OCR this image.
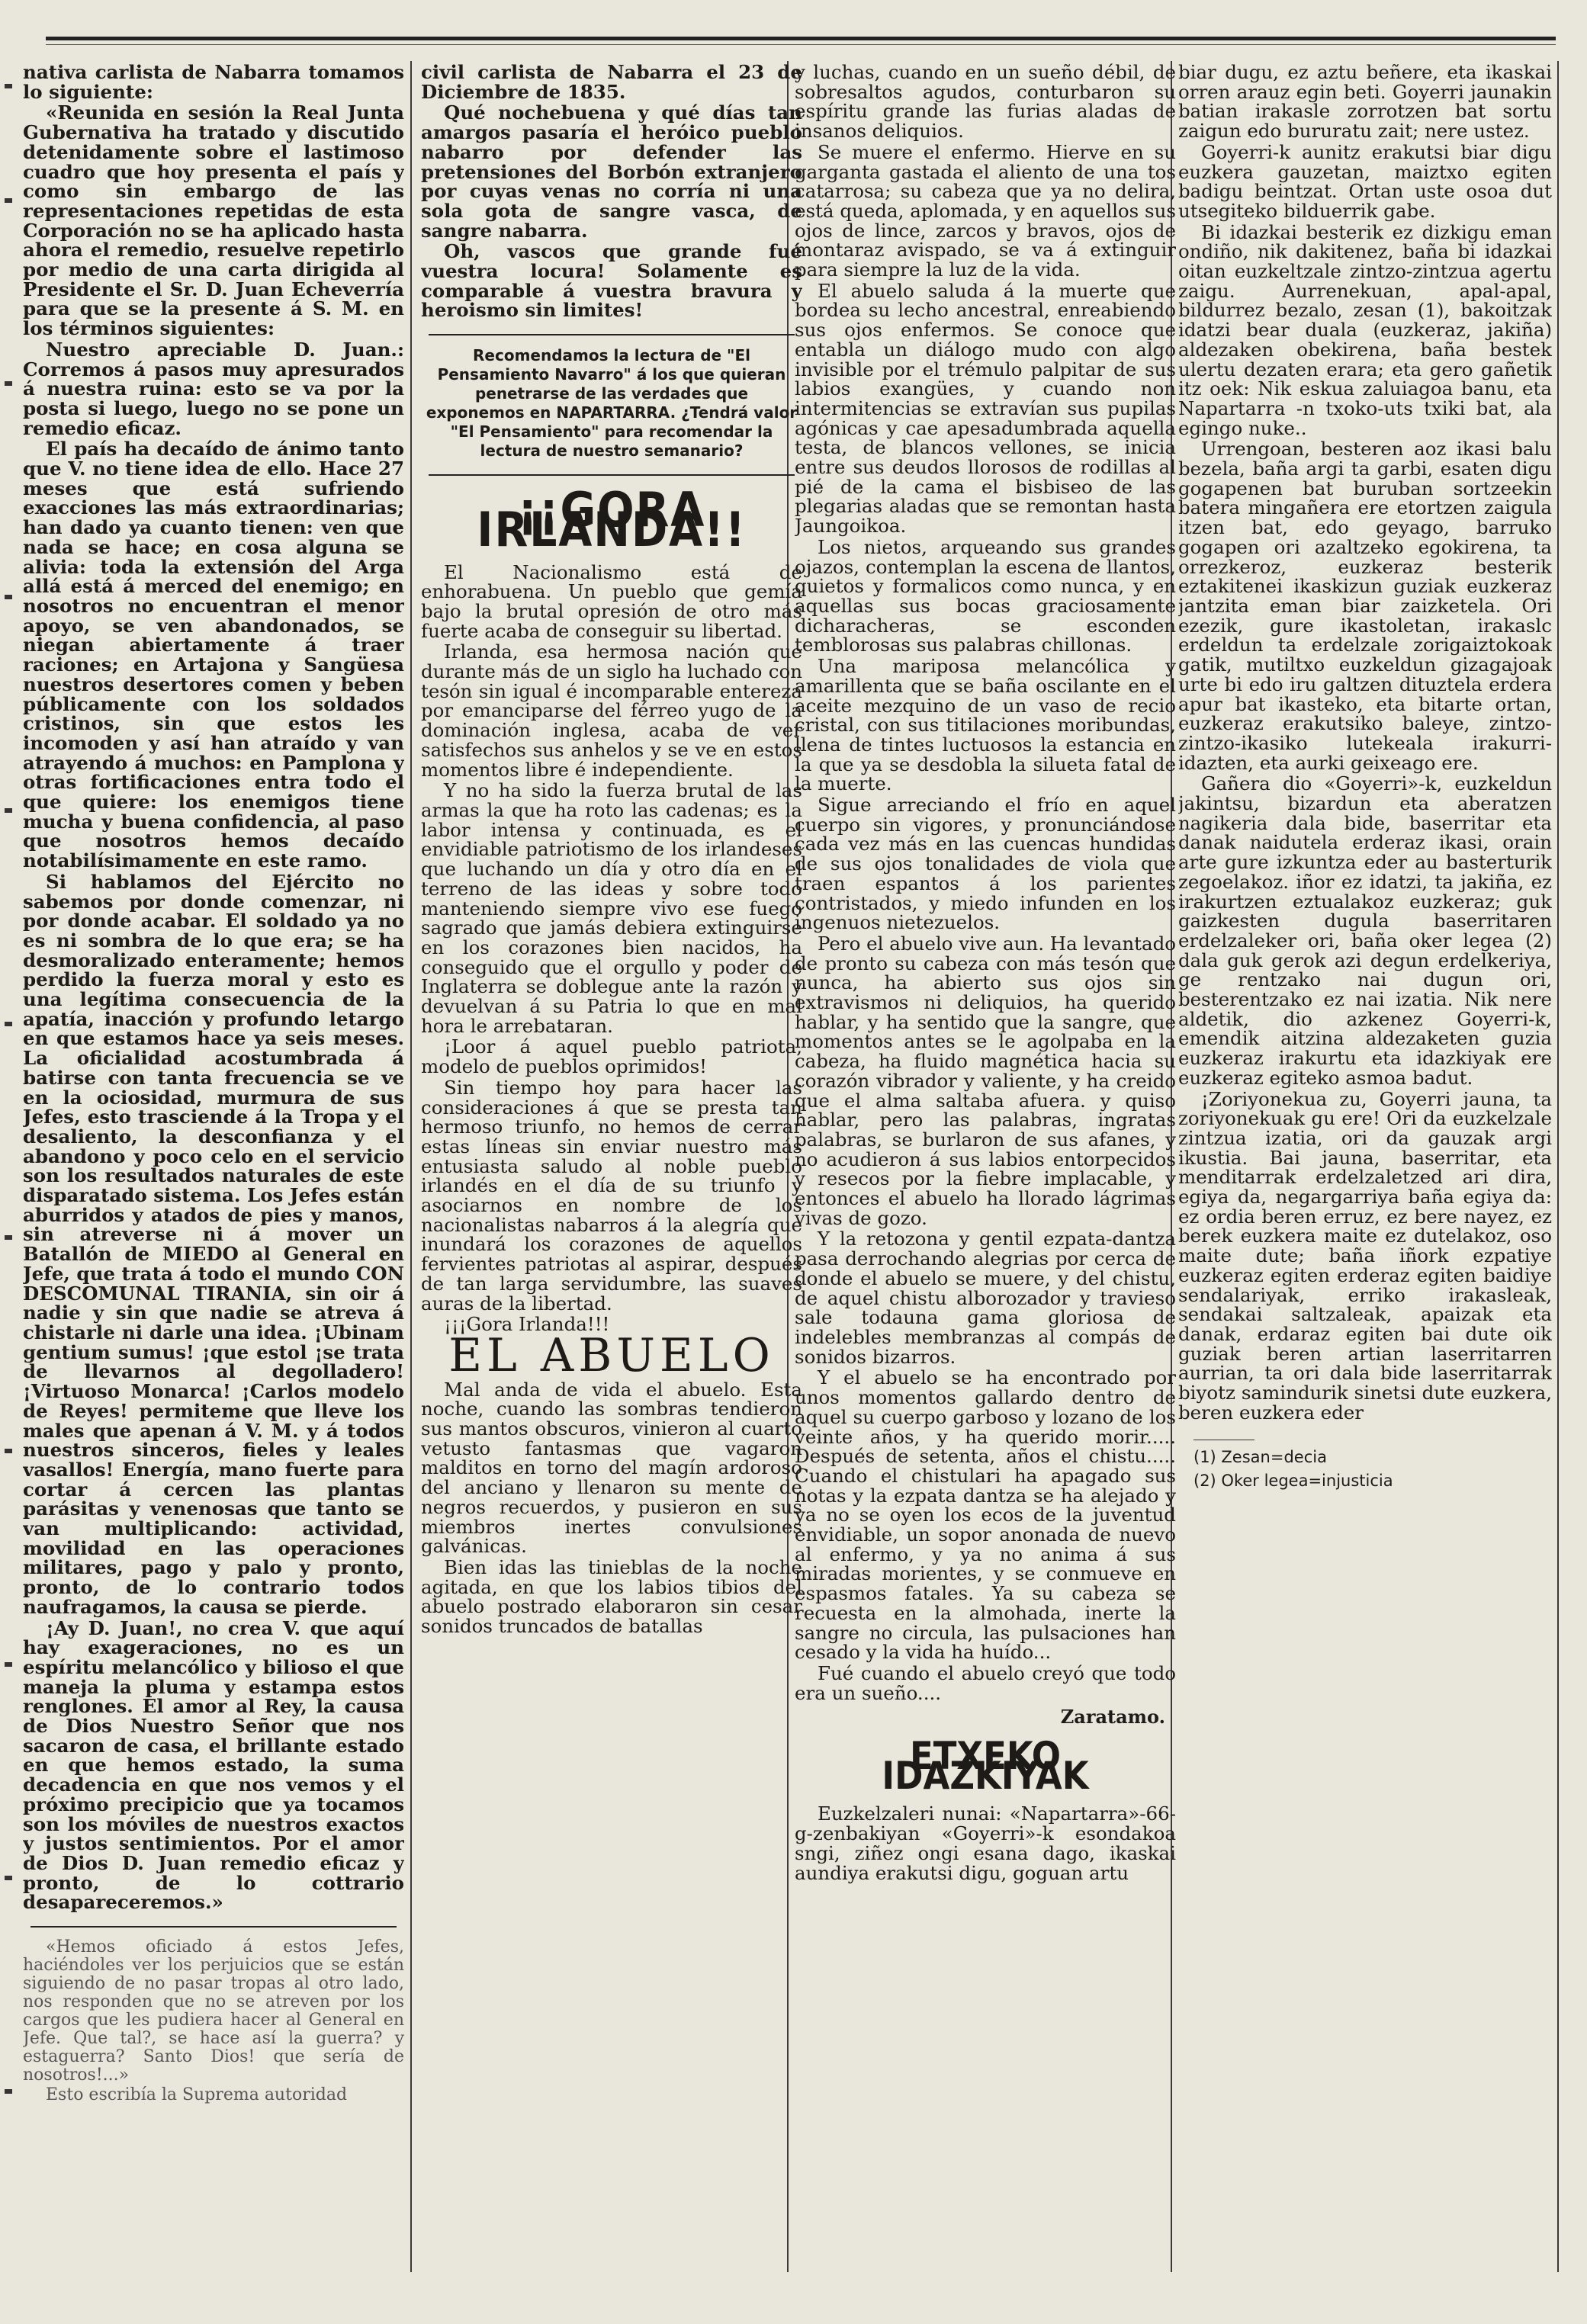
nativa carlista de Nabarra tomamos lo siguiente:

«Reunida en sesión la Real Junta Gubernativa ha tratado y discutido detenidamente sobre el lastimoso cuadro que hoy presenta el país y como sin embargo de las representaciones repetidas de esta Corporación no se ha aplicado hasta ahora el remedio, resuelve repetirlo por medio de una carta dirigida al Presidente el Sr. D. Juan Echeverría para que se la presente á S. M. en los términos siguientes:

Nuestro apreciable D. Juan.: Corremos á pasos muy apresurados á nuestra ruina: esto se va por la posta si luego, luego no se pone un remedio eficaz.

El país ha decaído de ánimo tanto que V. no tiene idea de ello. Hace 27 meses que está sufriendo exacciones las más extraordinarias; han dado ya cuanto tienen: ven que nada se hace; en cosa alguna se alivia: toda la extensión del Arga allá está á merced del enemigo; en nosotros no encuentran el menor apoyo, se ven abandonados, se niegan abiertamente á traer raciones; en Artajona y Sangüesa nuestros desertores comen y beben públicamente con los soldados cristinos, sin que estos les incomoden y así han atraído y van atrayendo á muchos: en Pamplona y otras fortificaciones entra todo el que quiere: los enemigos tiene mucha y buena confidencia, al paso que nosotros hemos decaído notabilísimamente en este ramo.

Si hablamos del Ejército no sabemos por donde comenzar, ni por donde acabar. El soldado ya no es ni sombra de lo que era; se ha desmoralizado enteramente; hemos perdido la fuerza moral y esto es una legítima consecuencia de la apatía, inacción y profundo letargo en que estamos hace ya seis meses. La oficialidad acostumbrada á batirse con tanta frecuencia se ve en la ociosidad, murmura de sus Jefes, esto trasciende á la Tropa y el desaliento, la desconfianza y el abandono y poco celo en el servicio son los resultados naturales de este disparatado sistema. Los Jefes están aburridos y atados de pies y manos, sin atreverse ni á mover un Batallón de MIEDO al General en Jefe, que trata á todo el mundo CON DESCOMUNAL TIRANIA, sin oir á nadie y sin que nadie se atreva á chistarle ni darle una idea. ¡Ubinam gentium sumus! ¡que estol ¡se trata de llevarnos al degolladero! ¡Virtuoso Monarca! ¡Carlos modelo de Reyes! permiteme que lleve los males que apenan á V. M. y á todos nuestros sinceros, fieles y leales vasallos! Energía, mano fuerte para cortar á cercen las plantas parásitas y venenosas que tanto se van multiplicando: actividad, movilidad en las operaciones militares, pago y palo y pronto, pronto, de lo contrario todos naufragamos, la causa se pierde.

¡Ay D. Juan!, no crea V. que aquí hay exageraciones, no es un espíritu melancólico y bilioso el que maneja la pluma y estampa estos renglones. El amor al Rey, la causa de Dios Nuestro Señor que nos sacaron de casa, el brillante estado en que hemos estado, la suma decadencia en que nos vemos y el próximo precipicio que ya tocamos son los móviles de nuestros exactos y justos sentimientos. Por el amor de Dios D. Juan remedio eficaz y pronto, de lo cottrario desapareceremos.»

«Hemos oficiado á estos Jefes, haciéndoles ver los perjuicios que se están siguiendo de no pasar tropas al otro lado, nos responden que no se atreven por los cargos que les pudiera hacer al General en Jefe. Que tal?, se hace así la guerra? y estaguerra? Santo Dios! que sería de nosotros!...»

Esto escribía la Suprema autoridad

civil carlista de Nabarra el 23 de Diciembre de 1835.

Qué nochebuena y qué días tan amargos pasaría el heróico pueblo nabarro por defender las pretensiones del Borbón extranjero por cuyas venas no corría ni una sola gota de sangre vasca, de sangre nabarra.

Oh, vascos que grande fué vuestra locura! Solamente es comparable á vuestra bravura y heroismo sin limites!

Recomendamos la lectura de "El Pensamiento Navarro" á los que quieran penetrarse de las verdades que exponemos en NAPARTARRA. ¿Tendrá valor "El Pensamiento" para recomendar la lectura de nuestro semanario?
¡¡GORA IRLANDA!!

El Nacionalismo está de enhorabuena. Un pueblo que gemía bajo la brutal opresión de otro más fuerte acaba de conseguir su libertad.

Irlanda, esa hermosa nación que durante más de un siglo ha luchado con tesón sin igual é incomparable entereza por emanciparse del férreo yugo de la dominación inglesa, acaba de ver satisfechos sus anhelos y se ve en estos momentos libre é independiente.

Y no ha sido la fuerza brutal de las armas la que ha roto las cadenas; es la labor intensa y continuada, es el envidiable patriotismo de los irlandeses que luchando un día y otro día en el terreno de las ideas y sobre todo manteniendo siempre vivo ese fuego sagrado que jamás debiera extinguirse en los corazones bien nacidos, ha conseguido que el orgullo y poder de Inglaterra se doblegue ante la razón y devuelvan á su Patria lo que en mal hora le arrebataran.

¡Loor á aquel pueblo patriota, modelo de pueblos oprimidos!

Sin tiempo hoy para hacer las consideraciones á que se presta tan hermoso triunfo, no hemos de cerrar estas líneas sin enviar nuestro más entusiasta saludo al noble pueblo irlandés en el día de su triunfo y asociarnos en nombre de los nacionalistas nabarros á la alegría que inundará los corazones de aquellos fervientes patriotas al aspirar, después de tan larga servidumbre, las suaves auras de la libertad.

¡¡¡Gora Irlanda!!!

EL ABUELO

Mal anda de vida el abuelo. Esta noche, cuando las sombras tendieron sus mantos obscuros, vinieron al cuarto vetusto fantasmas que vagaron malditos en torno del magín ardoroso del anciano y llenaron su mente de negros recuerdos, y pusieron en sus miembros inertes convulsiones galvánicas.

Bien idas las tinieblas de la noche agitada, en que los labios tibios del abuelo postrado elaboraron sin cesar sonidos truncados de batallas

y luchas, cuando en un sueño débil, de sobresaltos agudos, conturbaron su espíritu grande las furias aladas de insanos deliquios.

Se muere el enfermo. Hierve en su garganta gastada el aliento de una tos catarrosa; su cabeza que ya no delira, está queda, aplomada, y en aquellos sus ojos de lince, zarcos y bravos, ojos de montaraz avispado, se va á extinguir para siempre la luz de la vida.

El abuelo saluda á la muerte que bordea su lecho ancestral, enreabiendo sus ojos enfermos. Se conoce que entabla un diálogo mudo con algo invisible por el trémulo palpitar de sus labios exangües, y cuando non intermitencias se extravían sus pupilas agónicas y cae apesadumbrada aquella testa, de blancos vellones, se inicia entre sus deudos llorosos de rodillas al pié de la cama el bisbiseo de las plegarias aladas que se remontan hasta Jaungoikoa.

Los nietos, arqueando sus grandes ojazos, contemplan la escena de llantos, quietos y formalicos como nunca, y en aquellas sus bocas graciosamente dicharacheras, se esconden temblorosas sus palabras chillonas.

Una mariposa melancólica y amarillenta que se baña oscilante en el aceite mezquino de un vaso de recio cristal, con sus titilaciones moribundas, llena de tintes luctuosos la estancia en la que ya se desdobla la silueta fatal de la muerte.

Sigue arreciando el frío en aquel cuerpo sin vigores, y pronunciándose cada vez más en las cuencas hundidas de sus ojos tonalidades de viola que traen espantos á los parientes contristados, y miedo infunden en los ingenuos nietezuelos.

Pero el abuelo vive aun. Ha levantado de pronto su cabeza con más tesón que nunca, ha abierto sus ojos sin extravismos ni deliquios, ha querido hablar, y ha sentido que la sangre, que momentos antes se le agolpaba en la cabeza, ha fluido magnética hacia su corazón vibrador y valiente, y ha creido que el alma saltaba afuera. y quiso hablar, pero las palabras, ingratas palabras, se burlaron de sus afanes, y no acudieron á sus labios entorpecidos y resecos por la fiebre implacable, y entonces el abuelo ha llorado lágrimas vivas de gozo.

Y la retozona y gentil ezpata-dantza pasa derrochando alegrias por cerca de donde el abuelo se muere, y del chistu, de aquel chistu alborozador y travieso sale todauna gama gloriosa de indelebles membranzas al compás de sonidos bizarros.

Y el abuelo se ha encontrado por unos momentos gallardo dentro de aquel su cuerpo garboso y lozano de los veinte años, y ha querido morir..... Después de setenta, años el chistu..... Cuando el chistulari ha apagado sus notas y la ezpata dantza se ha alejado y ya no se oyen los ecos de la juventud envidiable, un sopor anonada de nuevo al enfermo, y ya no anima á sus miradas morientes, y se conmueve en espasmos fatales. Ya su cabeza se recuesta en la almohada, inerte la sangre no circula, las pulsaciones han cesado y la vida ha huído...

Fué cuando el abuelo creyó que todo era un sueño....

Zaratamo.
ETXEKO IDAZKIYAK

Euzkelzaleri nunai: «Napartarra»-66-g-zenbakiyan «Goyerri»-k esondakoa sngi, ziñez ongi esana dago, ikaskai aundiya erakutsi digu, goguan artu

biar dugu, ez aztu beñere, eta ikaskai orren arauz egin beti. Goyerri jaunakin batian irakasle zorrotzen bat sortu zaigun edo bururatu zait; nere ustez.

Goyerri-k aunitz erakutsi biar digu euzkera gauzetan, maiztxo egiten badigu beintzat. Ortan uste osoa dut utsegiteko bilduerrik gabe.

Bi idazkai besterik ez dizkigu eman ondiño, nik dakitenez, baña bi idazkai oitan euzkeltzale zintzo-zintzua agertu zaigu. Aurrenekuan, apal-apal, bildurrez bezalo, zesan (1), bakoitzak idatzi bear duala (euzkeraz, jakiña) aldezaken obekirena, baña bestek ulertu dezaten erara; eta gero gañetik itz oek: Nik eskua zaluiagoa banu, eta Napartarra -n txoko-uts txiki bat, ala egingo nuke..

Urrengoan, besteren aoz ikasi balu bezela, baña argi ta garbi, esaten digu gogapenen bat buruban sortzeekin batera mingañera ere etortzen zaigula itzen bat, edo geyago, barruko gogapen ori azaltzeko egokirena, ta orrezkeroz, euzkeraz besterik eztakitenei ikaskizun guziak euzkeraz jantzita eman biar zaizketela. Ori ezezik, gure ikastoletan, irakaslc erdeldun ta erdelzale zorigaiztokoak gatik, mutiltxo euzkeldun gizagajoak urte bi edo iru galtzen dituztela erdera apur bat ikasteko, eta bitarte ortan, euzkeraz erakutsiko baleye, zintzo-zintzo-ikasiko lutekeala irakurri-idazten, eta aurki geixeago ere.

Gañera dio «Goyerri»-k, euzkeldun jakintsu, bizardun eta aberatzen nagikeria dala bide, baserritar eta danak naidutela erderaz ikasi, orain arte gure izkuntza eder au basterturik zegoelakoz. iñor ez idatzi, ta jakiña, ez irakurtzen eztualakoz euzkeraz; guk gaizkesten dugula baserritaren erdelzaleker ori, baña oker legea (2) dala guk gerok azi degun erdelkeriya, ge rentzako nai dugun ori, besterentzako ez nai izatia. Nik nere aldetik, dio azkenez Goyerri-k, emendik aitzina aldezaketen guzia euzkeraz irakurtu eta idazkiyak ere euzkeraz egiteko asmoa badut.

¡Zoriyonekua zu, Goyerri jauna, ta zoriyonekuak gu ere! Ori da euzkelzale zintzua izatia, ori da gauzak argi ikustia. Bai jauna, baserritar, eta menditarrak erdelzaletzed ari dira, egiya da, negargarriya baña egiya da: ez ordia beren erruz, ez bere nayez, ez berek euzkera maite ez dutelakoz, oso maite dute; baña iñork ezpatiye euzkeraz egiten erderaz egiten baidiye sendalariyak, erriko irakasleak, sendakai saltzaleak, apaizak eta danak, erdaraz egiten bai dute oik guziak beren artian laserritarren aurrian, ta ori dala bide laserritarrak biyotz samindurik sinetsi dute euzkera, beren euzkera eder

(1) Zesan=decia
(2) Oker legea=injusticia
